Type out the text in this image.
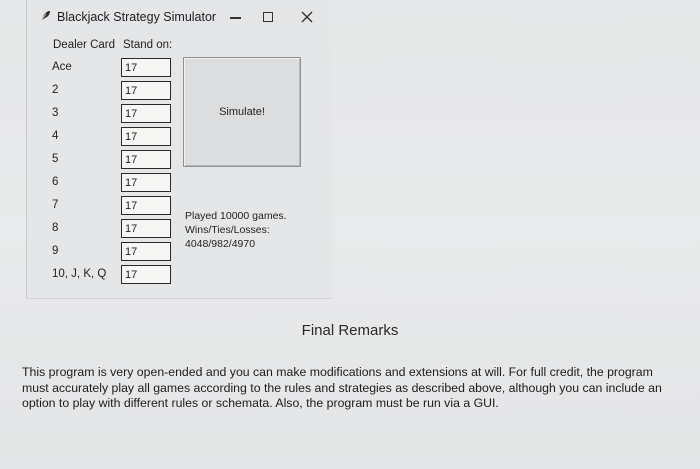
Blackjack Strategy Simulator
Dealer Card Stand on:
Ace
17
2
17
3
17
4
17
5
17
6
17
7
17
8
17
9
17
10, J, K, Q
17
Simulate!
Played 10000 games.
Wins/Ties/Losses:
4048/982/4970
Final Remarks

This program is very open-ended and you can make modifications and extensions at will. For full credit, the program must accurately play all games according to the rules and strategies as described above, although you can include an option to play with different rules or schemata. Also, the program must be run via a GUI.
